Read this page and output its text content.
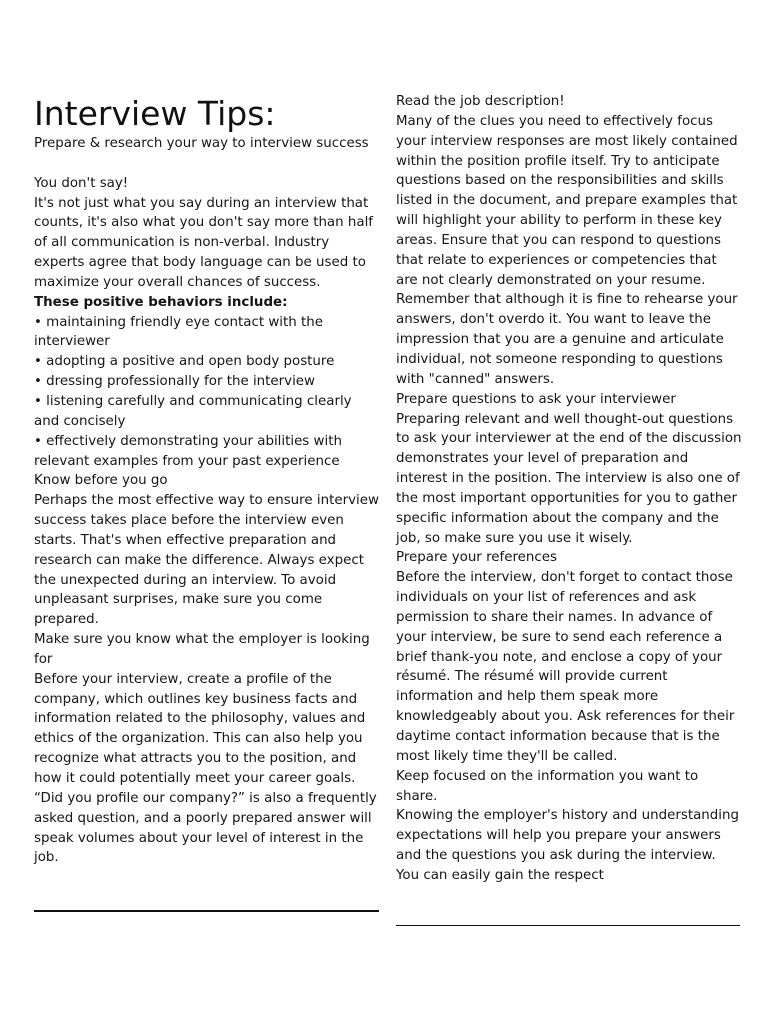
Interview Tips:

Prepare & research your way to interview success

You don't say!

It's not just what you say during an interview that counts, it's also what you don't say more than half of all communication is non-verbal. Industry experts agree that body language can be used to maximize your overall chances of success.

These positive behaviors include:

• maintaining friendly eye contact with the interviewer

• adopting a positive and open body posture

• dressing professionally for the interview

• listening carefully and communicating clearly and concisely

• effectively demonstrating your abilities with relevant examples from your past experience

Know before you go

Perhaps the most effective way to ensure interview success takes place before the interview even starts. That's when effective preparation and research can make the difference. Always expect the unexpected during an interview. To avoid unpleasant surprises, make sure you come prepared.

Make sure you know what the employer is looking for

Before your interview, create a profile of the company, which outlines key business facts and information related to the philosophy, values and ethics of the organization. This can also help you recognize what attracts you to the position, and how it could potentially meet your career goals. “Did you profile our company?” is also a frequently asked question, and a poorly prepared answer will speak volumes about your level of interest in the job.

Read the job description!

Many of the clues you need to effectively focus your interview responses are most likely contained within the position profile itself. Try to anticipate questions based on the responsibilities and skills listed in the document, and prepare examples that will highlight your ability to perform in these key areas. Ensure that you can respond to questions that relate to experiences or competencies that are not clearly demonstrated on your resume. Remember that although it is fine to rehearse your answers, don't overdo it. You want to leave the impression that you are a genuine and articulate individual, not someone responding to questions with "canned" answers.

Prepare questions to ask your interviewer

Preparing relevant and well thought-out questions to ask your interviewer at the end of the discussion demonstrates your level of preparation and interest in the position. The interview is also one of the most important opportunities for you to gather specific information about the company and the job, so make sure you use it wisely.

Prepare your references

Before the interview, don't forget to contact those individuals on your list of references and ask permission to share their names. In advance of your interview, be sure to send each reference a brief thank-you note, and enclose a copy of your résumé. The résumé will provide current information and help them speak more knowledgeably about you. Ask references for their daytime contact information because that is the most likely time they'll be called.

Keep focused on the information you want to share.

Knowing the employer's history and understanding expectations will help you prepare your answers and the questions you ask during the interview. You can easily gain the respect
